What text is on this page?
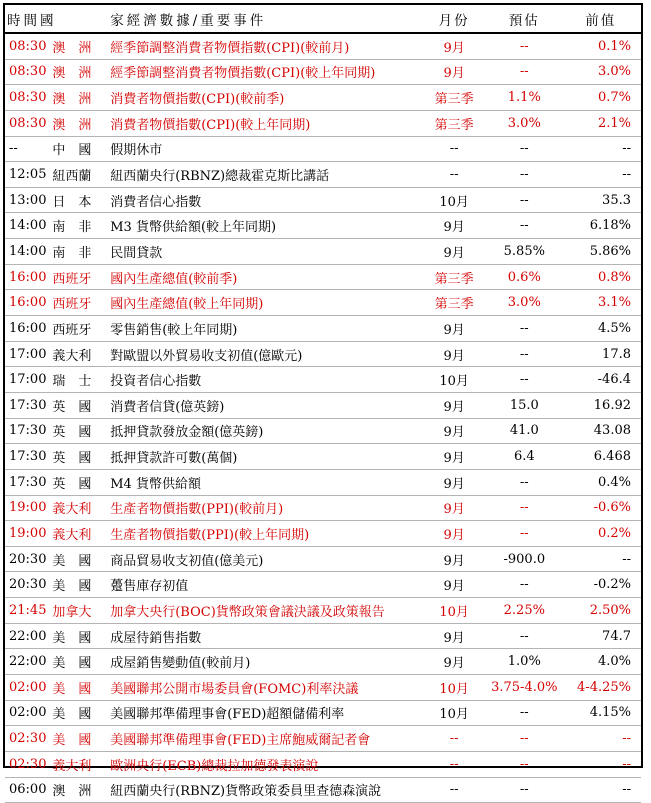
時間國		家經濟數據/重要事件	月份	預估	前值
08:30	澳　洲	經季節調整消費者物價指數(CPI)(較前月)	9月	--	0.1%
08:30	澳　洲	經季節調整消費者物價指數(CPI)(較上年同期)	9月	--	3.0%
08:30	澳　洲	消費者物價指數(CPI)(較前季)	第三季	1.1%	0.7%
08:30	澳　洲	消費者物價指數(CPI)(較上年同期)	第三季	3.0%	2.1%
--	中　國	假期休市	--	--	--
12:05	紐西蘭	紐西蘭央行(RBNZ)總裁霍克斯比講話	--	--	--
13:00	日　本	消費者信心指數	10月	--	35.3
14:00	南　非	M3 貨幣供給額(較上年同期)	9月	--	6.18%
14:00	南　非	民間貸款	9月	5.85%	5.86%
16:00	西班牙	國內生產總值(較前季)	第三季	0.6%	0.8%
16:00	西班牙	國內生產總值(較上年同期)	第三季	3.0%	3.1%
16:00	西班牙	零售銷售(較上年同期)	9月	--	4.5%
17:00	義大利	對歐盟以外貿易收支初值(億歐元)	9月	--	17.8
17:00	瑞　士	投資者信心指數	10月	--	-46.4
17:30	英　國	消費者信貸(億英鎊)	9月	15.0	16.92
17:30	英　國	抵押貸款發放金額(億英鎊)	9月	41.0	43.08
17:30	英　國	抵押貸款許可數(萬個)	9月	6.4	6.468
17:30	英　國	M4 貨幣供給額	9月	--	0.4%
19:00	義大利	生產者物價指數(PPI)(較前月)	9月	--	-0.6%
19:00	義大利	生產者物價指數(PPI)(較上年同期)	9月	--	0.2%
20:30	美　國	商品貿易收支初值(億美元)	9月	-900.0	--
20:30	美　國	躉售庫存初值	9月	--	-0.2%
21:45	加拿大	加拿大央行(BOC)貨幣政策會議決議及政策報告	10月	2.25%	2.50%
22:00	美　國	成屋待銷售指數	9月	--	74.7
22:00	美　國	成屋銷售變動值(較前月)	9月	1.0%	4.0%
02:00	美　國	美國聯邦公開市場委員會(FOMC)利率決議	10月	3.75-4.0%	4-4.25%
02:00	美　國	美國聯邦準備理事會(FED)超額儲備利率	10月	--	4.15%
02:30	美　國	美國聯邦準備理事會(FED)主席鮑威爾記者會	--	--	--
02:30	義大利	歐洲央行(ECB)總裁拉加德發表演說	--	--	--
06:00	澳　洲	紐西蘭央行(RBNZ)貨幣政策委員里查德森演說	--	--	--
